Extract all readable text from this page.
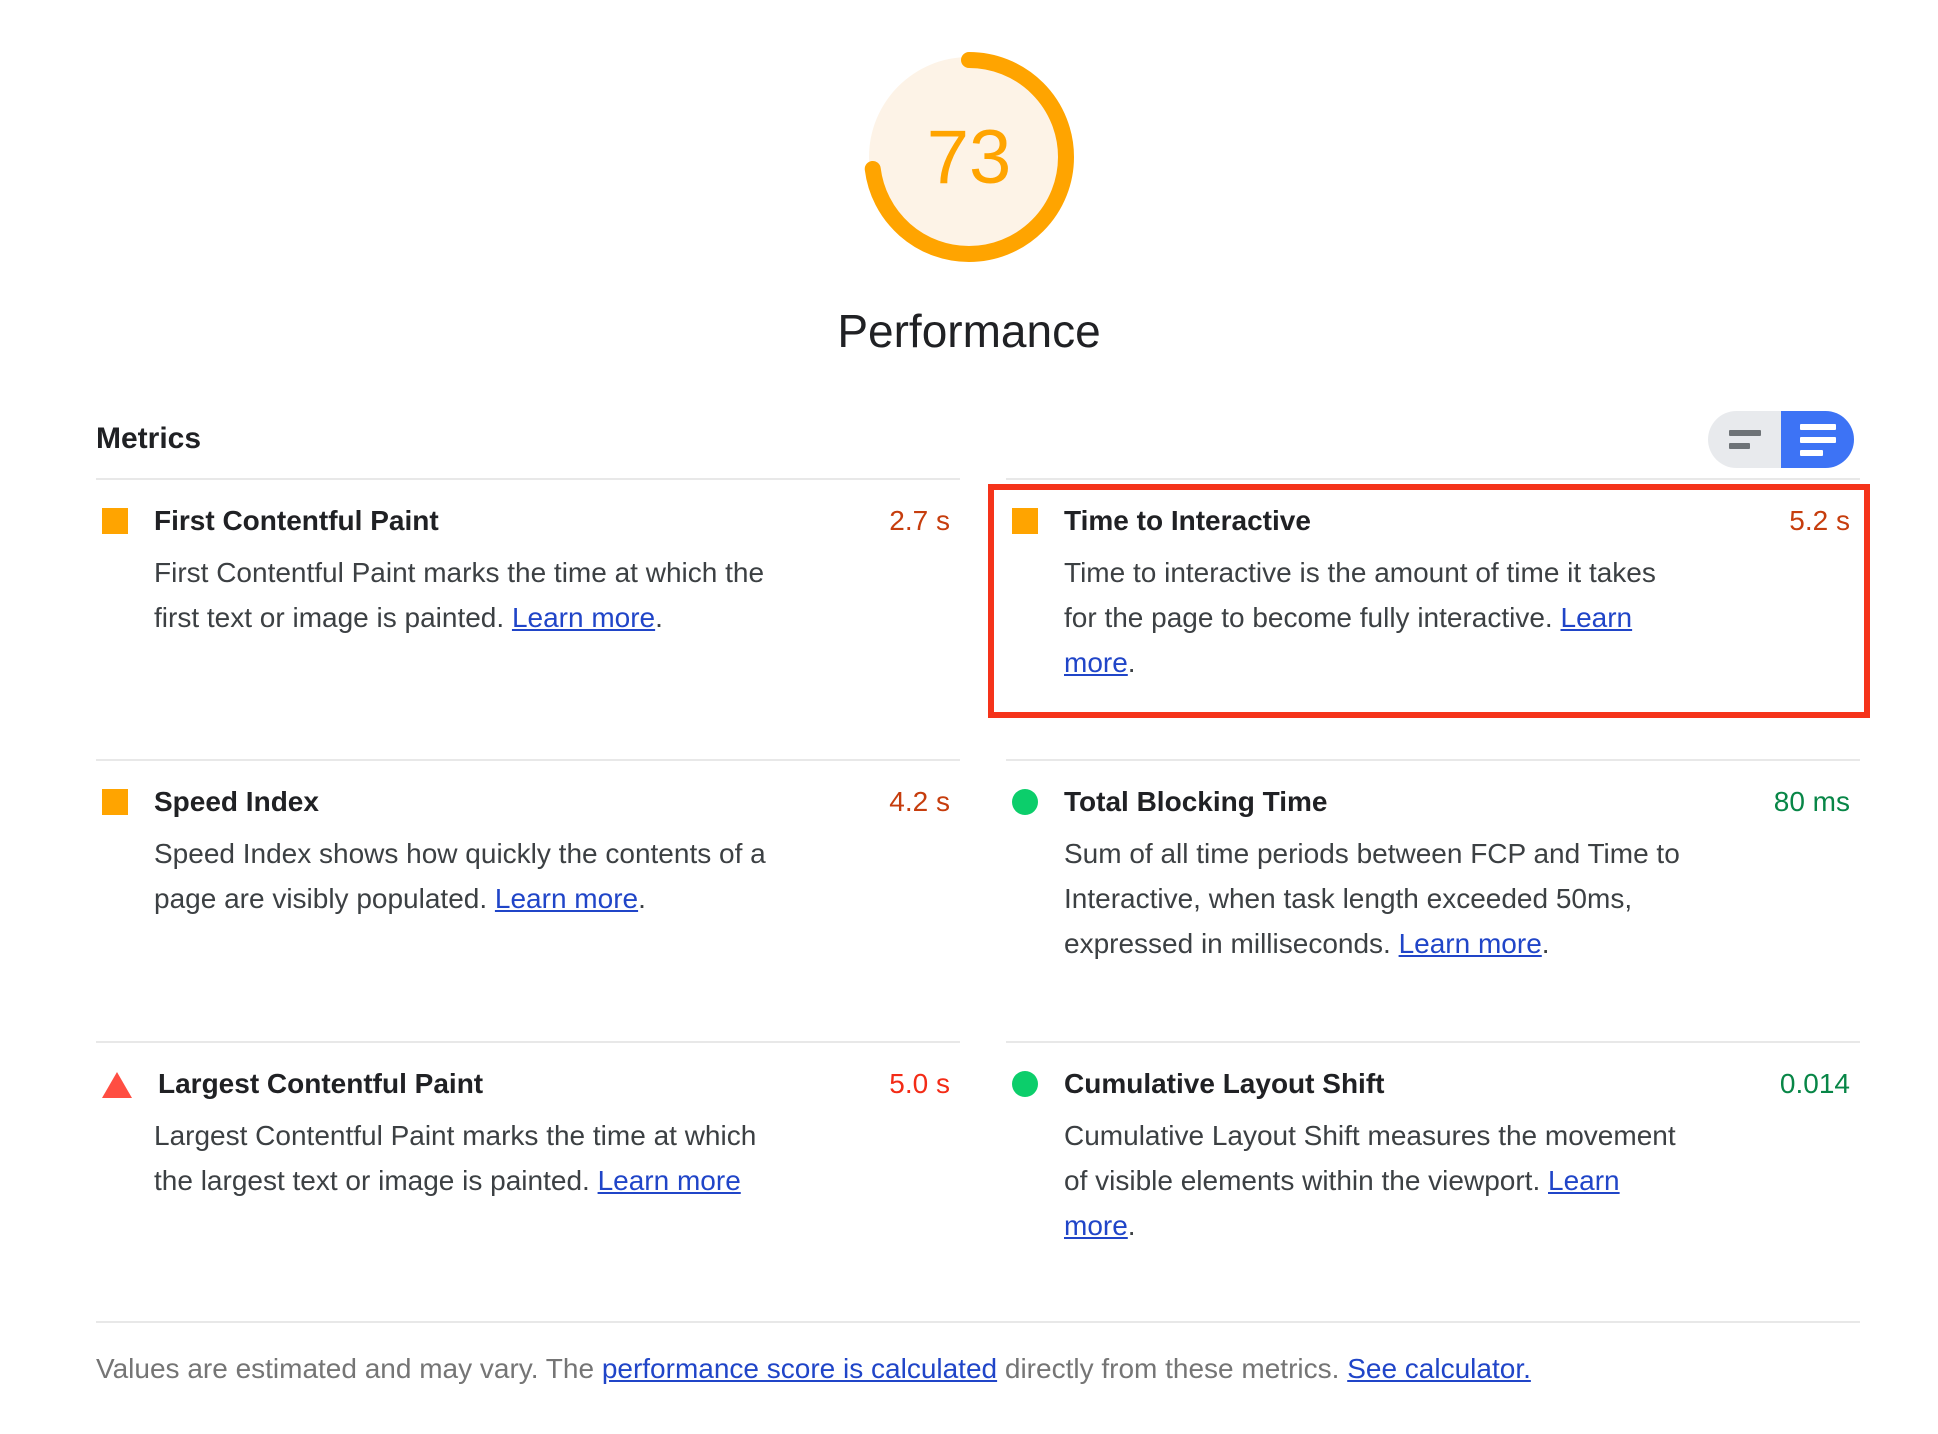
73
Performance
Metrics
First Contentful Paint	2.7 s

First Contentful Paint marks the time at which the first text or image is painted. Learn more.

Time to Interactive	5.2 s

Time to interactive is the amount of time it takes for the page to become fully interactive. Learn more.

Speed Index	4.2 s

Speed Index shows how quickly the contents of a page are visibly populated. Learn more.

Total Blocking Time	80 ms

Sum of all time periods between FCP and Time to Interactive, when task length exceeded 50ms, expressed in milliseconds. Learn more.

Largest Contentful Paint	5.0 s

Largest Contentful Paint marks the time at which the largest text or image is painted. Learn more

Cumulative Layout Shift	0.014

Cumulative Layout Shift measures the movement of visible elements within the viewport. Learn more.

Values are estimated and may vary. The performance score is calculated directly from these metrics. See calculator.
